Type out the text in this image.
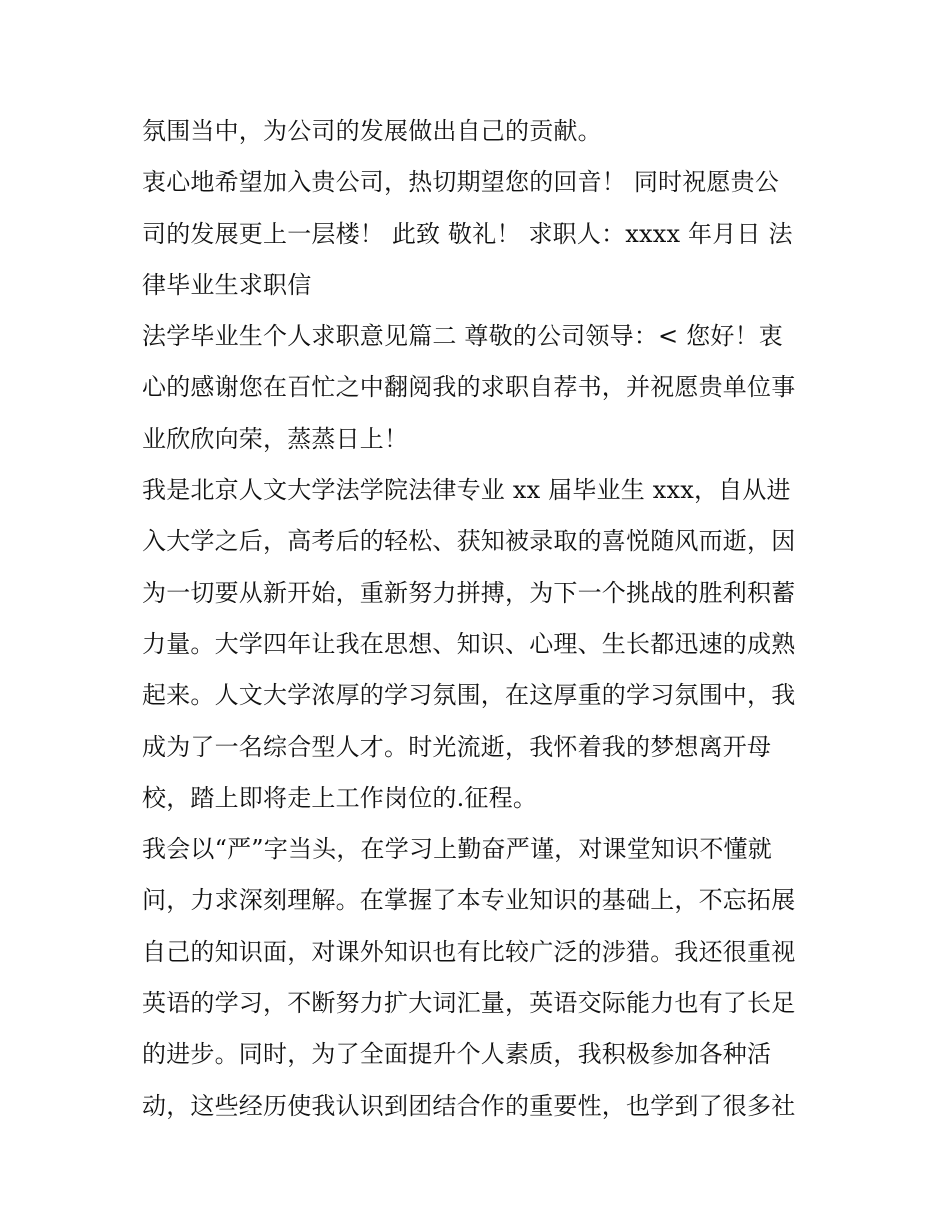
氛围当中，为公司的发展做出自己的贡献。
衷心地希望加入贵公司，热切期望您的回音！ 同时祝愿贵公
司的发展更上一层楼！ 此致 敬礼！ 求职人：xxxx 年月日 法
律毕业生求职信
法学毕业生个人求职意见篇二 尊敬的公司领导：< 您好！衷
心的感谢您在百忙之中翻阅我的求职自荐书，并祝愿贵单位事
业欣欣向荣，蒸蒸日上！
我是北京人文大学法学院法律专业 xx 届毕业生 xxx，自从进
入大学之后，高考后的轻松、获知被录取的喜悦随风而逝，因
为一切要从新开始，重新努力拼搏，为下一个挑战的胜利积蓄
力量。大学四年让我在思想、知识、心理、生长都迅速的成熟
起来。人文大学浓厚的学习氛围，在这厚重的学习氛围中，我
成为了一名综合型人才。时光流逝，我怀着我的梦想离开母
校，踏上即将走上工作岗位的.征程。
我会以“严”字当头，在学习上勤奋严谨，对课堂知识不懂就
问，力求深刻理解。在掌握了本专业知识的基础上，不忘拓展
自己的知识面，对课外知识也有比较广泛的涉猎。我还很重视
英语的学习，不断努力扩大词汇量，英语交际能力也有了长足
的进步。同时，为了全面提升个人素质，我积极参加各种活
动，这些经历使我认识到团结合作的重要性，也学到了很多社
